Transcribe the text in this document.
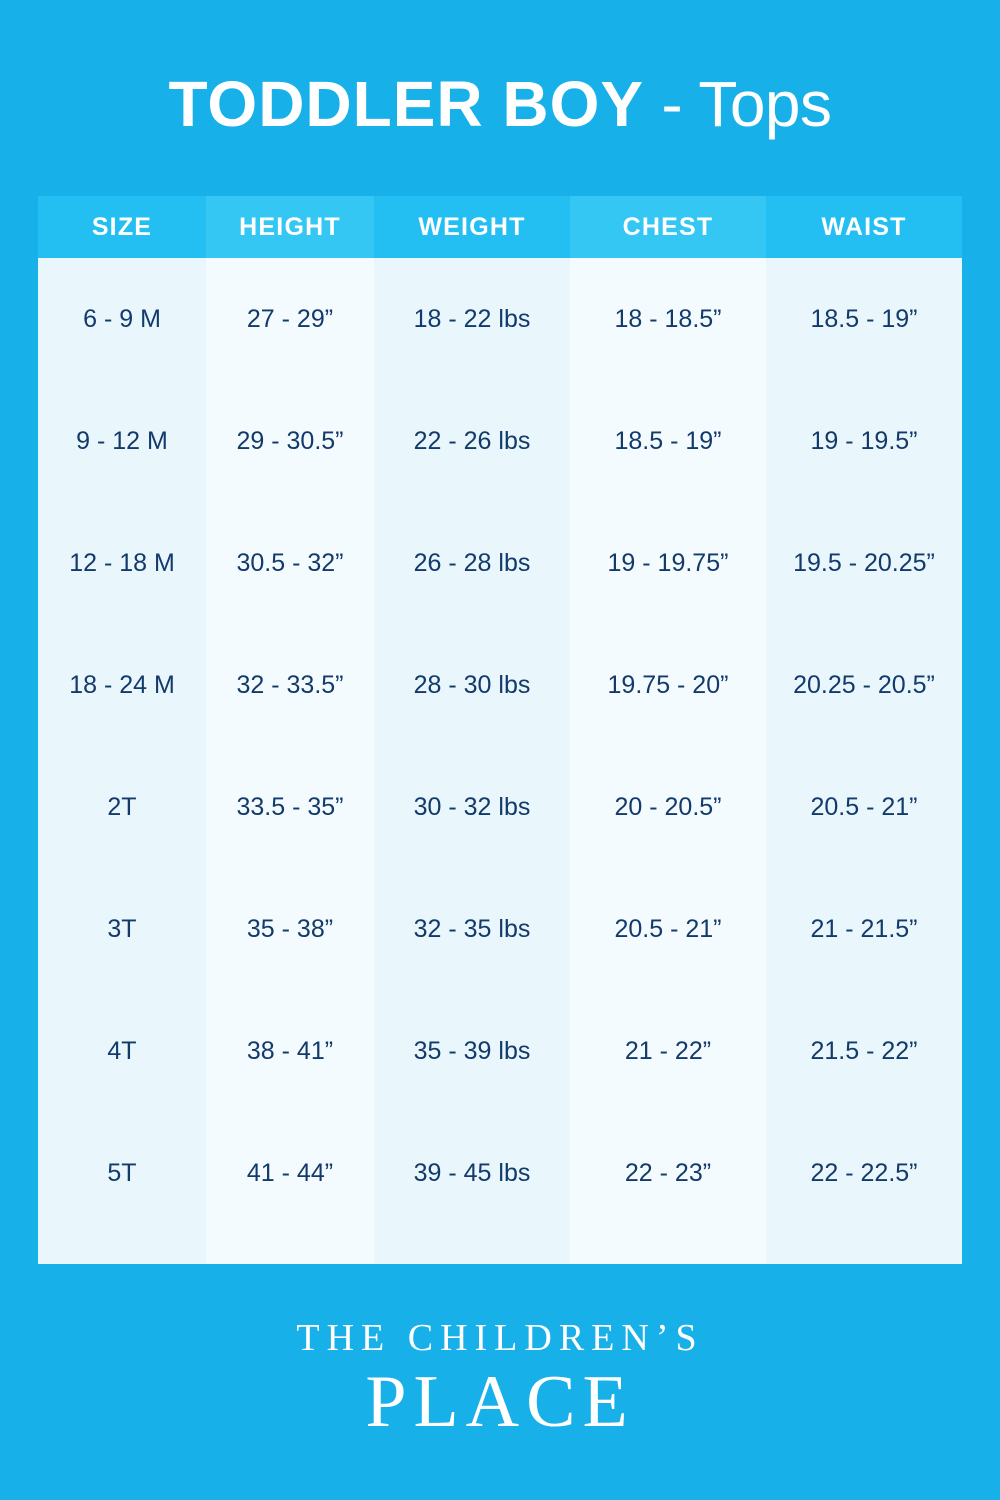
TODDLER BOY - Tops
SIZE	HEIGHT	WEIGHT	CHEST	WAIST
6 - 9 M	27 - 29”	18 - 22 lbs	18 - 18.5”	18.5 - 19”
9 - 12 M	29 - 30.5”	22 - 26 lbs	18.5 - 19”	19 - 19.5”
12 - 18 M	30.5 - 32”	26 - 28 lbs	19 - 19.75”	19.5 - 20.25”
18 - 24 M	32 - 33.5”	28 - 30 lbs	19.75 - 20”	20.25 - 20.5”
2T	33.5 - 35”	30 - 32 lbs	20 - 20.5”	20.5 - 21”
3T	35 - 38”	32 - 35 lbs	20.5 - 21”	21 - 21.5”
4T	38 - 41”	35 - 39 lbs	21 - 22”	21.5 - 22”
5T	41 - 44”	39 - 45 lbs	22 - 23”	22 - 22.5”
THE CHILDREN’S
PLACE
